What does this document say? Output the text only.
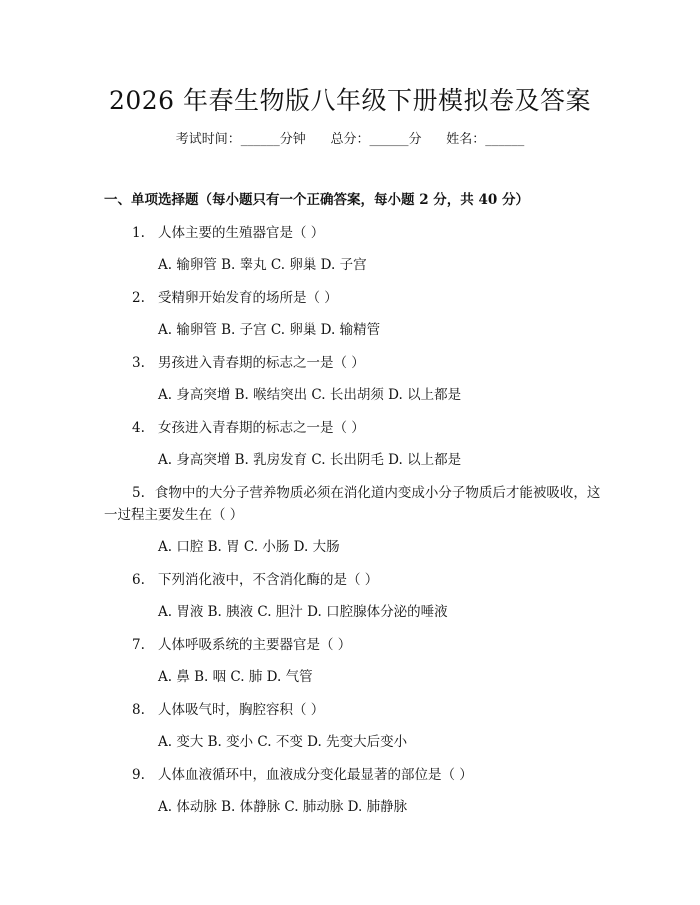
2026 年春生物版八年级下册模拟卷及答案
考试时间：______分钟      总分：______分      姓名：______
一、单项选择题（每小题只有一个正确答案，每小题 2 分，共 40 分）
1. 人体主要的生殖器官是（ ）
A. 输卵管 B. 睾丸 C. 卵巢 D. 子宫
2. 受精卵开始发育的场所是（ ）
A. 输卵管 B. 子宫 C. 卵巢 D. 输精管
3. 男孩进入青春期的标志之一是（ ）
A. 身高突增 B. 喉结突出 C. 长出胡须 D. 以上都是
4. 女孩进入青春期的标志之一是（ ）
A. 身高突增 B. 乳房发育 C. 长出阴毛 D. 以上都是
5. 食物中的大分子营养物质必须在消化道内变成小分子物质后才能被吸收，这一过程主要发生在（ ）
A. 口腔 B. 胃 C. 小肠 D. 大肠
6. 下列消化液中，不含消化酶的是（ ）
A. 胃液 B. 胰液 C. 胆汁 D. 口腔腺体分泌的唾液
7. 人体呼吸系统的主要器官是（ ）
A. 鼻 B. 咽 C. 肺 D. 气管
8. 人体吸气时，胸腔容积（ ）
A. 变大 B. 变小 C. 不变 D. 先变大后变小
9. 人体血液循环中，血液成分变化最显著的部位是（ ）
A. 体动脉 B. 体静脉 C. 肺动脉 D. 肺静脉
